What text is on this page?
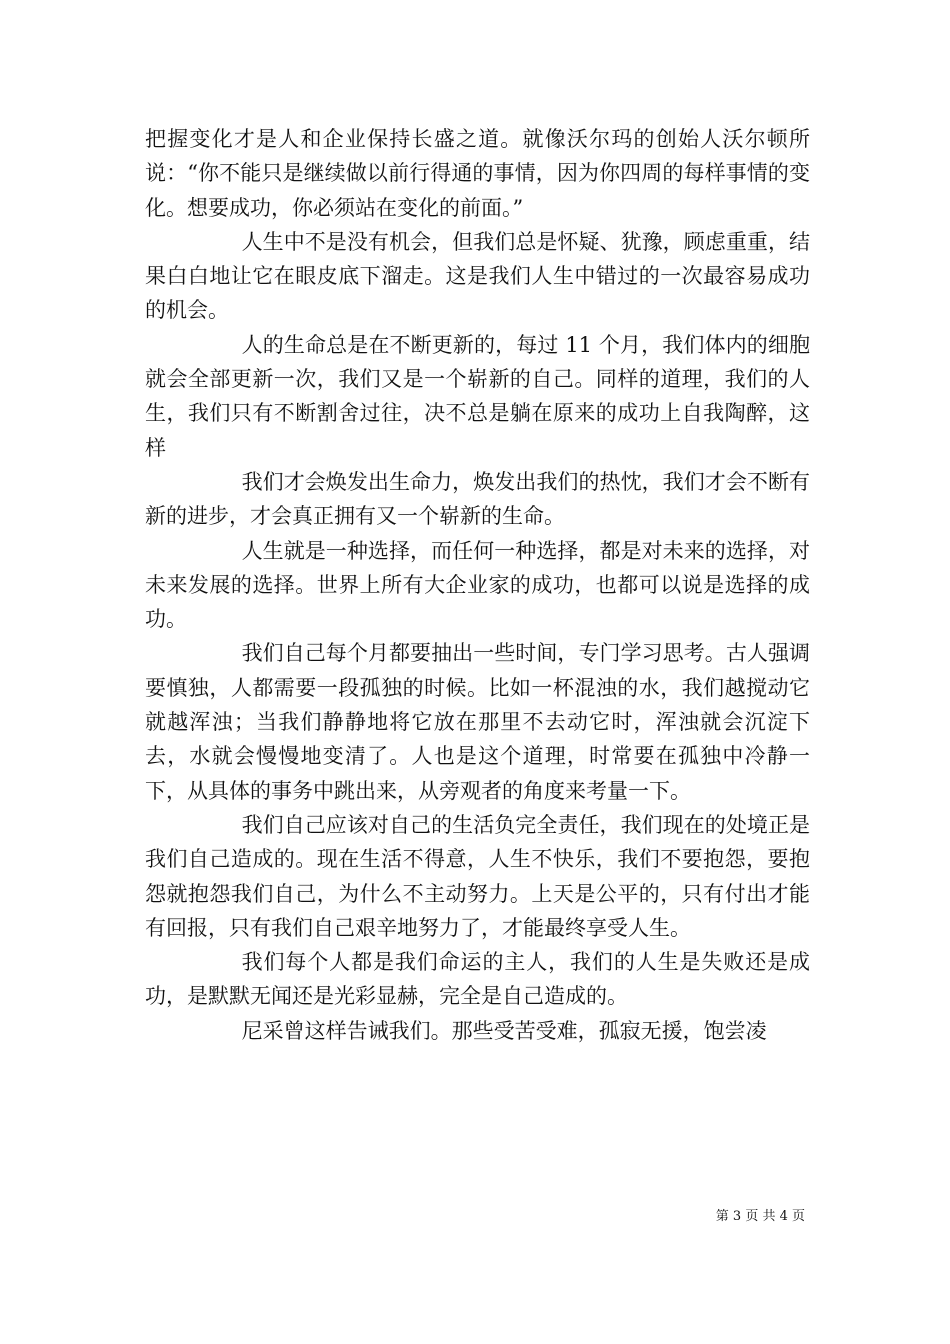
把握变化才是人和企业保持长盛之道。就像沃尔玛的创始人沃尔顿所说：“你不能只是继续做以前行得通的事情，因为你四周的每样事情的变化。想要成功，你必须站在变化的前面。”

人生中不是没有机会，但我们总是怀疑、犹豫，顾虑重重，结果白白地让它在眼皮底下溜走。这是我们人生中错过的一次最容易成功的机会。

人的生命总是在不断更新的，每过 11 个月，我们体内的细胞就会全部更新一次，我们又是一个崭新的自己。同样的道理，我们的人生，我们只有不断割舍过往，决不总是躺在原来的成功上自我陶醉，这样

我们才会焕发出生命力，焕发出我们的热忱，我们才会不断有新的进步，才会真正拥有又一个崭新的生命。

人生就是一种选择，而任何一种选择，都是对未来的选择，对未来发展的选择。世界上所有大企业家的成功，也都可以说是选择的成功。

我们自己每个月都要抽出一些时间，专门学习思考。古人强调要慎独，人都需要一段孤独的时候。比如一杯混浊的水，我们越搅动它就越浑浊；当我们静静地将它放在那里不去动它时，浑浊就会沉淀下去，水就会慢慢地变清了。人也是这个道理，时常要在孤独中冷静一下，从具体的事务中跳出来，从旁观者的角度来考量一下。

我们自己应该对自己的生活负完全责任，我们现在的处境正是我们自己造成的。现在生活不得意，人生不快乐，我们不要抱怨，要抱怨就抱怨我们自己，为什么不主动努力。上天是公平的，只有付出才能有回报，只有我们自己艰辛地努力了，才能最终享受人生。

我们每个人都是我们命运的主人，我们的人生是失败还是成功，是默默无闻还是光彩显赫，完全是自己造成的。

尼采曾这样告诫我们。那些受苦受难，孤寂无援，饱尝凌

第 3 页 共 4 页
